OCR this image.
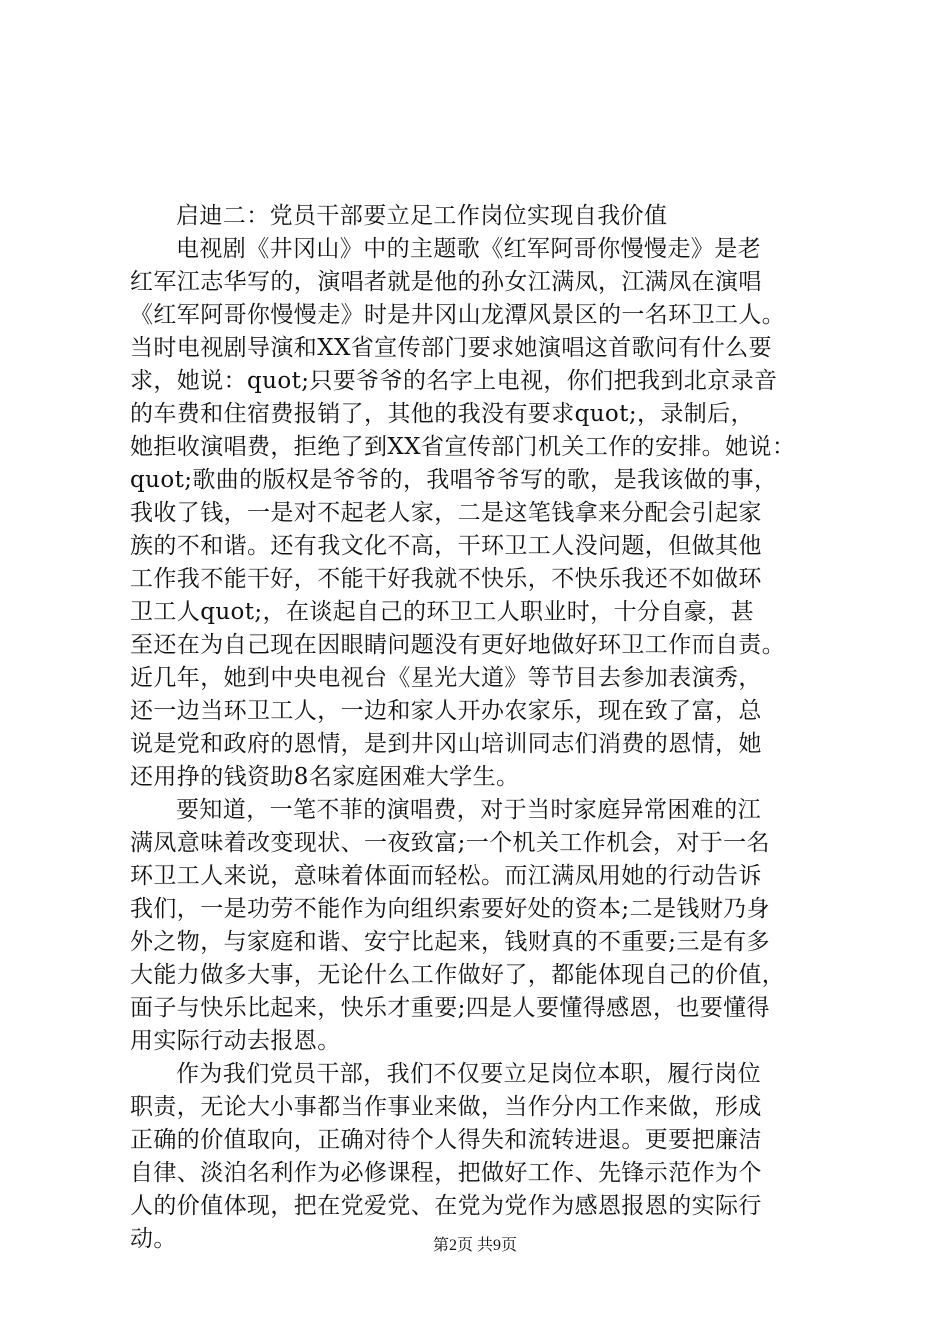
启迪二：党员干部要立足工作岗位实现自我价值
电视剧《井冈山》中的主题歌《红军阿哥你慢慢走》是老
红军江志华写的，演唱者就是他的孙女江满凤，江满凤在演唱
《红军阿哥你慢慢走》时是井冈山龙潭风景区的一名环卫工人。
当时电视剧导演和XX省宣传部门要求她演唱这首歌问有什么要
求，她说：quot;只要爷爷的名字上电视，你们把我到北京录音
的车费和住宿费报销了，其他的我没有要求quot;，录制后，
她拒收演唱费，拒绝了到XX省宣传部门机关工作的安排。她说：
quot;歌曲的版权是爷爷的，我唱爷爷写的歌，是我该做的事，
我收了钱，一是对不起老人家，二是这笔钱拿来分配会引起家
族的不和谐。还有我文化不高，干环卫工人没问题，但做其他
工作我不能干好，不能干好我就不快乐，不快乐我还不如做环
卫工人quot;，在谈起自己的环卫工人职业时，十分自豪，甚
至还在为自己现在因眼睛问题没有更好地做好环卫工作而自责。
近几年，她到中央电视台《星光大道》等节目去参加表演秀，
还一边当环卫工人，一边和家人开办农家乐，现在致了富，总
说是党和政府的恩情，是到井冈山培训同志们消费的恩情，她
还用挣的钱资助8名家庭困难大学生。
要知道，一笔不菲的演唱费，对于当时家庭异常困难的江
满凤意味着改变现状、一夜致富;一个机关工作机会，对于一名
环卫工人来说，意味着体面而轻松。而江满凤用她的行动告诉
我们，一是功劳不能作为向组织索要好处的资本;二是钱财乃身
外之物，与家庭和谐、安宁比起来，钱财真的不重要;三是有多
大能力做多大事，无论什么工作做好了，都能体现自己的价值，
面子与快乐比起来，快乐才重要;四是人要懂得感恩，也要懂得
用实际行动去报恩。
作为我们党员干部，我们不仅要立足岗位本职，履行岗位
职责，无论大小事都当作事业来做，当作分内工作来做，形成
正确的价值取向，正确对待个人得失和流转进退。更要把廉洁
自律、淡泊名利作为必修课程，把做好工作、先锋示范作为个
人的价值体现，把在党爱党、在党为党作为感恩报恩的实际行
动。	第2页 共9页
